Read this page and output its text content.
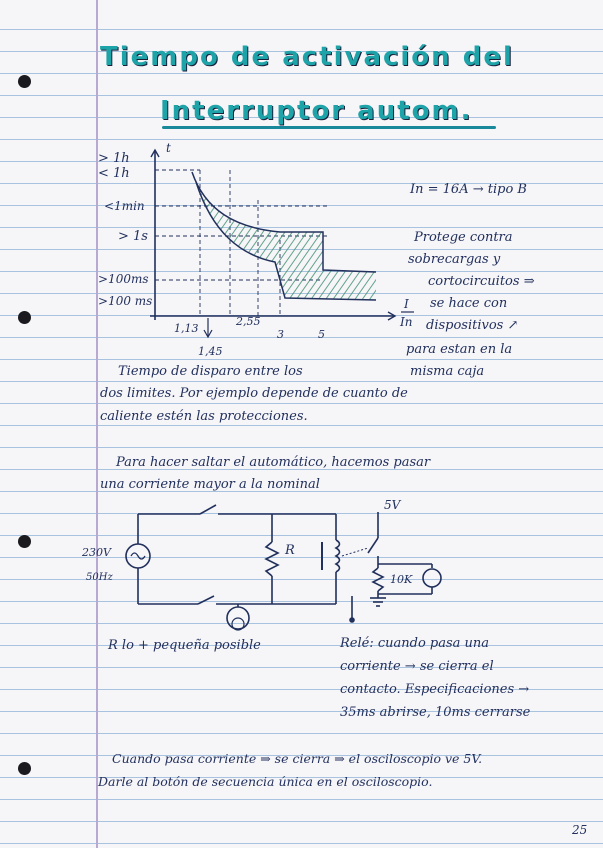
Tiempo de activación del
Interruptor autom.
t
> 1h
< 1h
<1min
> 1s
>100ms
>100 ms
1,13
2,55
3	5
1,45
I
In
In = 16A → tipo B
Protege contra
sobrecargas y
cortocircuitos ⇒
se hace con
dispositivos ↗
para estan en la
misma caja
Tiempo de disparo entre los
dos limites. Por ejemplo depende de cuanto de
caliente estén las protecciones.
Para hacer saltar el automático, hacemos pasar
una corriente mayor a la nominal
230V
50Hz
R
5V
10K
R lo + pequeña posible	Relé: cuando pasa una
corriente → se cierra el
contacto. Especificaciones →
35ms abrirse, 10ms cerrarse
Cuando pasa corriente ⇒ se cierra ⇒ el osciloscopio ve 5V.
Darle al botón de secuencia única en el osciloscopio.
25
